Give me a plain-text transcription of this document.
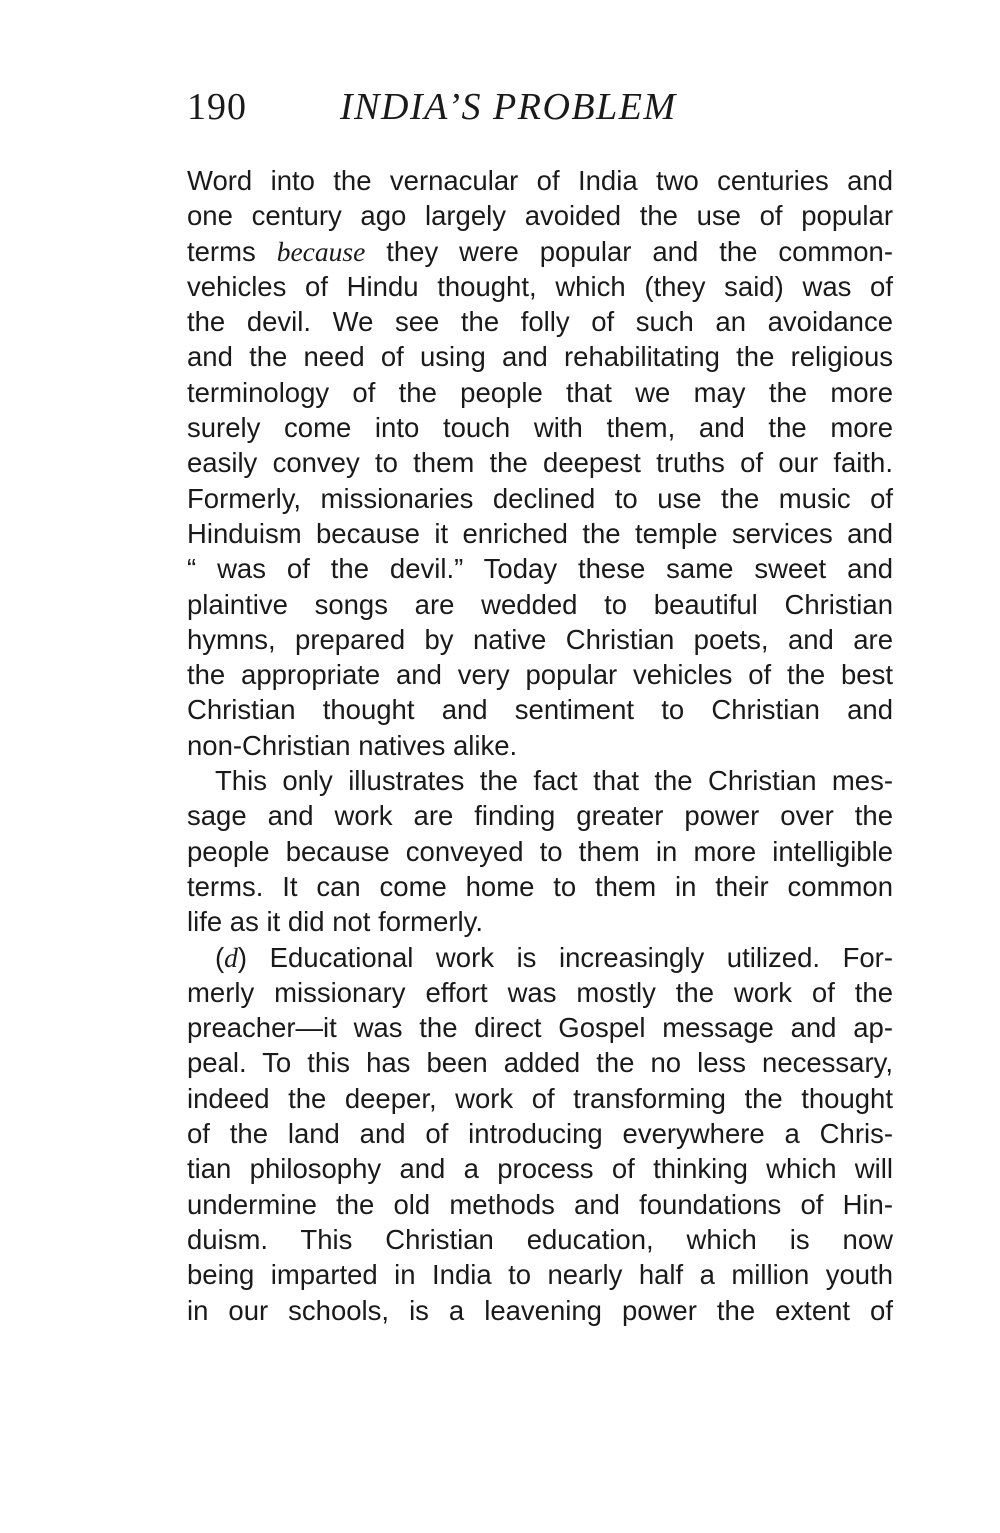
190 INDIA’S PROBLEM
Word into the vernacular of India two centuries and
one century ago largely avoided the use of popular
terms because they were popular and the common-
vehicles of Hindu thought, which (they said) was of
the devil. We see the folly of such an avoidance
and the need of using and rehabilitating the religious
terminology of the people that we may the more
surely come into touch with them, and the more
easily convey to them the deepest truths of our faith.
Formerly, missionaries declined to use the music of
Hinduism because it enriched the temple services and
“ was of the devil.” Today these same sweet and
plaintive songs are wedded to beautiful Christian
hymns, prepared by native Christian poets, and are
the appropriate and very popular vehicles of the best
Christian thought and sentiment to Christian and
non-Christian natives alike.
This only illustrates the fact that the Christian mes-
sage and work are finding greater power over the
people because conveyed to them in more intelligible
terms. It can come home to them in their common
life as it did not formerly.
(d) Educational work is increasingly utilized. For-
merly missionary effort was mostly the work of the
preacher—it was the direct Gospel message and ap-
peal. To this has been added the no less necessary,
indeed the deeper, work of transforming the thought
of the land and of introducing everywhere a Chris-
tian philosophy and a process of thinking which will
undermine the old methods and foundations of Hin-
duism. This Christian education, which is now
being imparted in India to nearly half a million youth
in our schools, is a leavening power the extent of
